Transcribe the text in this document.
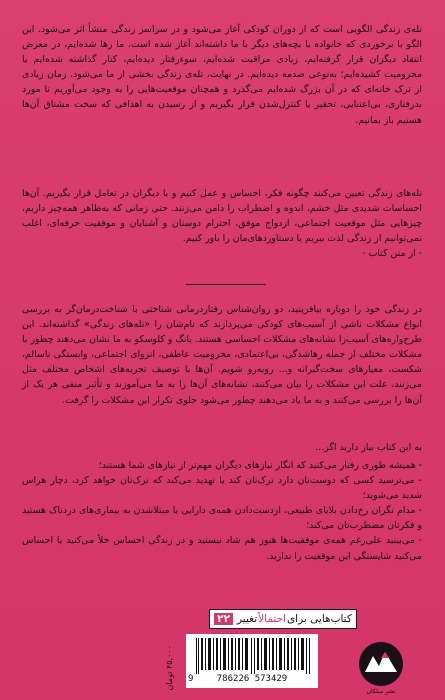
تله‌ی زندگی الگویی است که از دوران کودکی آغاز می‌شود و در سراسر زندگی منشأ اثر می‌شود. این الگو با برخوردی که خانواده یا بچه‌های دیگر با ما داشته‌اند آغاز شده است. ما رها شده‌ایم، در معرض انتقاد دیگران قرار گرفته‌ایم، زیادی مراقبت شده‌ایم، سوءرفتار دیده‌ایم، کنار گذاشته شده‌ایم یا محرومیت کشیده‌ایم؛ به‌نوعی صدمه دیده‌ایم. در نهایت، تله‌ی زندگی بخشی از ما می‌شود. زمان زیادی از ترک خانه‌ای که در آن بزرگ شده‌ایم می‌گذرد و همچنان موقعیت‌هایی را به وجود می‌آوریم تا مورد بدرفتاری، بی‌اعتنایی، تحقیر یا کنترل‌شدن قرار بگیریم و از رسیدن به اهدافی که سخت مشتاق آن‌ها هستیم باز بمانیم.

تله‌های زندگی تعیین می‌کنند چگونه فکر، احساس و عمل کنیم و با دیگران در تعامل قرار بگیریم. آن‌ها احساسات شدیدی مثل خشم، اندوه و اضطراب را دامن می‌زنند. حتی زمانی که به‌ظاهر همه‌چیز داریم، چیزهایی مثل موقعیت اجتماعی، ازدواج موفق، احترام دوستان و آشنایان و موفقیت حرفه‌ای، اغلب نمی‌توانیم از زندگی لذت ببریم یا دستاوردهای‌مان را باور کنیم.

- از متن کتاب -

در زندگی خود را دوباره بیافرینید، دو روان‌شناس رفتاردرمانی شناختی با شناخت‌درمان‌گر به بررسی انواع مشکلات ناشی از آسیب‌های کودکی می‌پردازند که نام‌شان را «تله‌های زندگی» گذاشته‌اند. این طرح‌واره‌های آسیب‌زا نشانه‌های مشکلات احساسی هستند. یانگ و کلوسکو به ما نشان می‌دهند چطور با مشکلات مختلف از جمله رهاشدگی، بی‌اعتمادی، محرومیت عاطفی، انزوای اجتماعی، وابستگی ناسالم، شکست، معیارهای سخت‌گیرانه و... روبه‌رو شویم. آن‌ها با توصیف تجربه‌های اشخاص مختلف مثل می‌زنند، علت این مشکلات را بیان می‌کنند، نشانه‌های آن‌ها را به ما می‌آموزند و تأثیر منفی هر یک از آن‌ها را بررسی می‌کنند و به ما یاد می‌دهند چطور می‌شود جلوی تکرار این مشکلات را گرفت.

به این کتاب نیاز دارید اگر...

- همیشه طوری رفتار می‌کنید که انگار نیازهای دیگران مهم‌تر از نیازهای شما هستند؛
- می‌ترسید کسی که دوست‌تان دارد ترک‌تان کند یا تهدید می‌کند که ترک‌تان خواهد کرد، دچار هراس شدید می‌شوید؛
- مدام نگران رخ‌دادن بلایای طبیعی، ازدست‌دادن همه‌ی دارایی یا مبتلاشدن به بیماری‌های دردناک هستید و فکرتان مضطرب‌تان می‌کند؛
- می‌بینید علی‌رغم همه‌ی موفقیت‌ها هنوز هم شاد نیستید و در زندگی احساس خلأ می‌کنید یا احساس می‌کنید شایستگی این موقعیت را ندارید.
کتاب‌هایی برای
احتمالاً
تغییر
۲۲
نشر میلکان
9	786226 573429
۴۵,۰۰۰ تومان
